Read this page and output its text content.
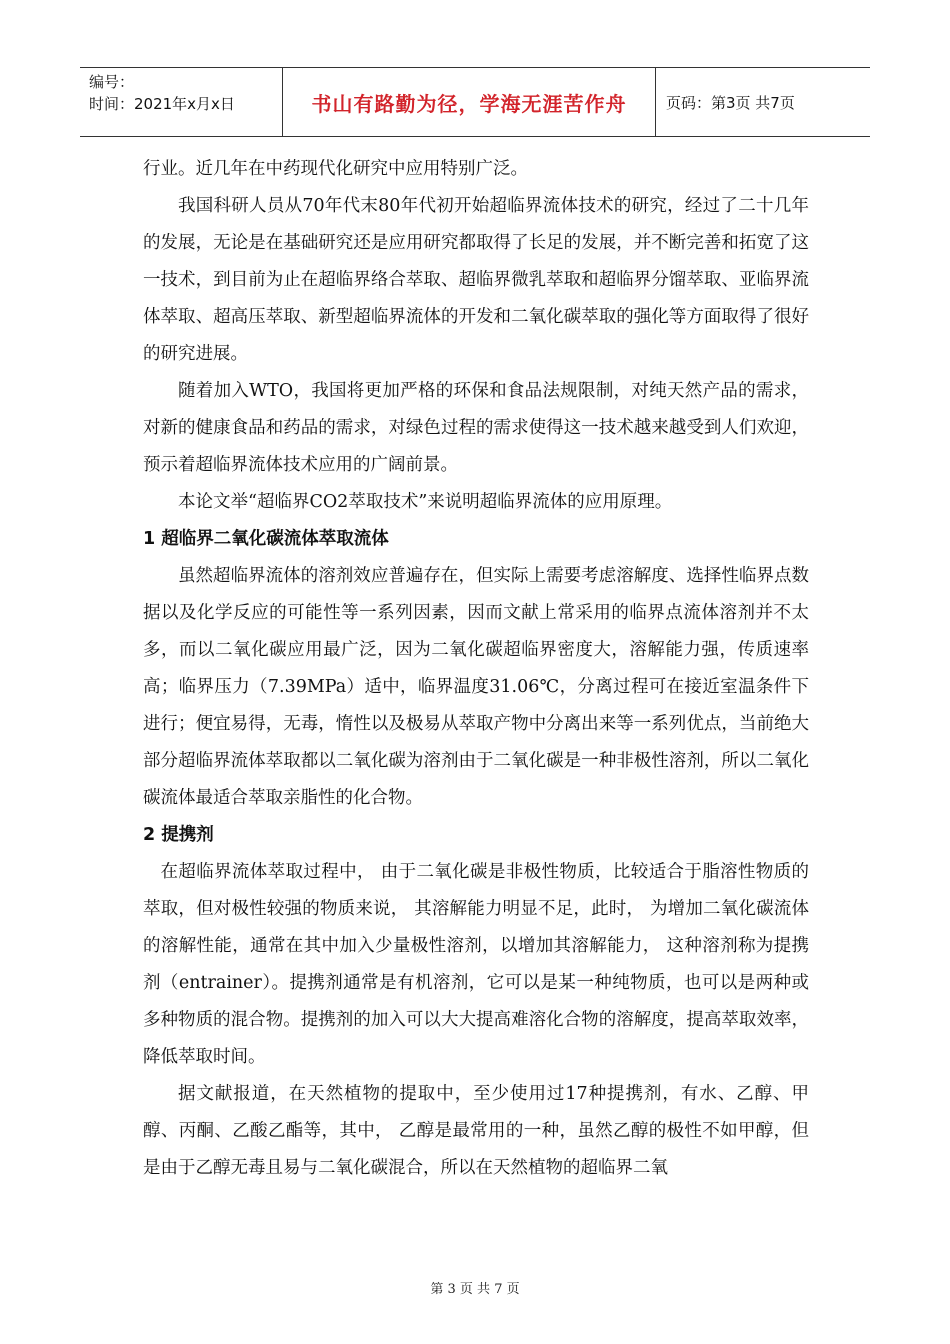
编号：
时间：2021年x月x日	书山有路勤为径，学海无涯苦作舟	页码：第3页 共7页

行业。近几年在中药现代化研究中应用特别广泛。

我国科研人员从70年代末80年代初开始超临界流体技术的研究，经过了二十几年的发展，无论是在基础研究还是应用研究都取得了长足的发展，并不断完善和拓宽了这一技术，到目前为止在超临界络合萃取、超临界微乳萃取和超临界分馏萃取、亚临界流体萃取、超高压萃取、新型超临界流体的开发和二氧化碳萃取的强化等方面取得了很好的研究进展。

随着加入WTO，我国将更加严格的环保和食品法规限制，对纯天然产品的需求，对新的健康食品和药品的需求，对绿色过程的需求使得这一技术越来越受到人们欢迎，预示着超临界流体技术应用的广阔前景。

本论文举“超临界CO2萃取技术”来说明超临界流体的应用原理。

1 超临界二氧化碳流体萃取流体

虽然超临界流体的溶剂效应普遍存在，但实际上需要考虑溶解度、选择性临界点数据以及化学反应的可能性等一系列因素，因而文献上常采用的临界点流体溶剂并不太多，而以二氧化碳应用最广泛，因为二氧化碳超临界密度大，溶解能力强，传质速率高；临界压力（7.39MPa）适中，临界温度31.06℃，分离过程可在接近室温条件下进行；便宜易得，无毒，惰性以及极易从萃取产物中分离出来等一系列优点，当前绝大部分超临界流体萃取都以二氧化碳为溶剂由于二氧化碳是一种非极性溶剂，所以二氧化碳流体最适合萃取亲脂性的化合物。

2 提携剂

在超临界流体萃取过程中， 由于二氧化碳是非极性物质，比较适合于脂溶性物质的萃取，但对极性较强的物质来说， 其溶解能力明显不足，此时， 为增加二氧化碳流体的溶解性能，通常在其中加入少量极性溶剂，以增加其溶解能力， 这种溶剂称为提携剂（entrainer）。提携剂通常是有机溶剂，它可以是某一种纯物质，也可以是两种或多种物质的混合物。提携剂的加入可以大大提高难溶化合物的溶解度，提高萃取效率，降低萃取时间。

据文献报道，在天然植物的提取中，至少使用过17种提携剂，有水、乙醇、甲醇、丙酮、乙酸乙酯等，其中， 乙醇是最常用的一种，虽然乙醇的极性不如甲醇，但是由于乙醇无毒且易与二氧化碳混合，所以在天然植物的超临界二氧

第 3 页 共 7 页
